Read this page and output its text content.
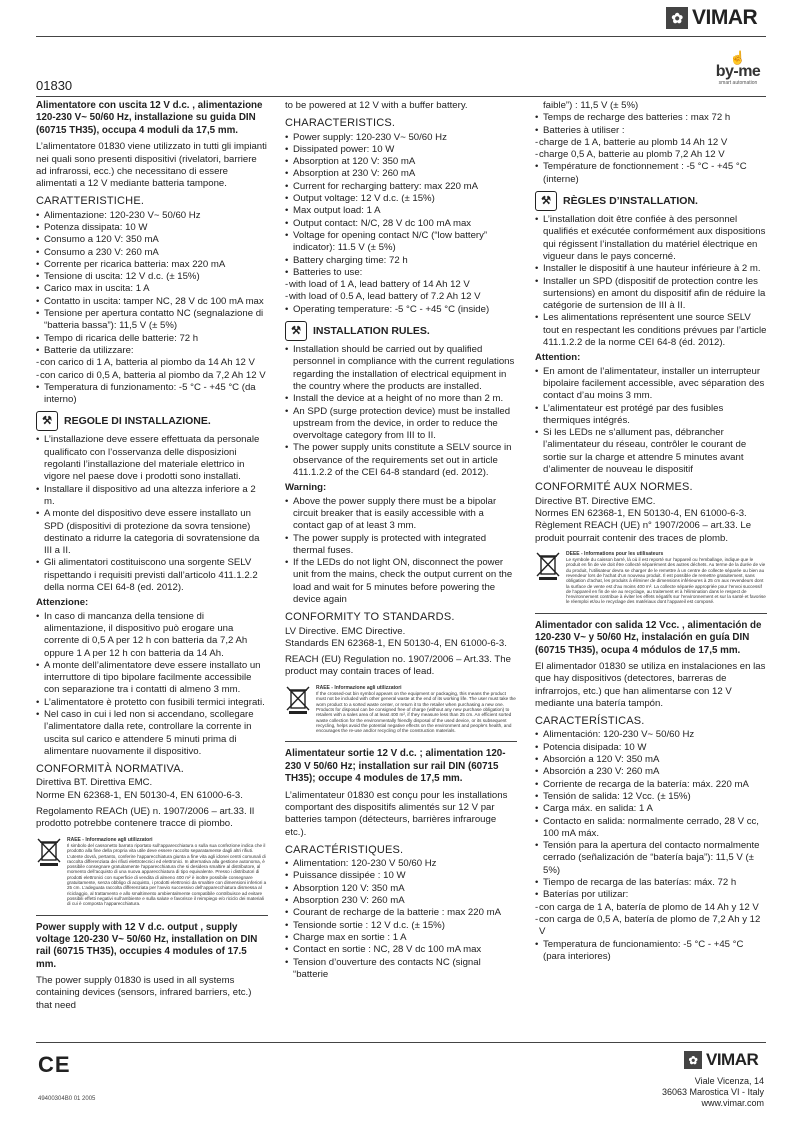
✿ VIMAR
☝
by-me
smart automation
01830

Alimentatore con uscita 12 V d.c. , alimentazione 120-230 V~ 50/60 Hz, installazione su guida DIN (60715 TH35), occupa 4 moduli da 17,5 mm.

L’alimentatore 01830 viene utilizzato in tutti gli impianti nei quali sono presenti dispositivi (rivelatori, barriere ad infrarossi, ecc.) che necessitano di essere alimentati a 12 V mediante batteria tampone.

CARATTERISTICHE.
• Alimentazione: 120-230 V~ 50/60 Hz
• Potenza dissipata: 10 W
• Consumo a 120 V: 350 mA
• Consumo a 230 V: 260 mA
• Corrente per ricarica batteria: max 220 mA
• Tensione di uscita: 12 V d.c. (± 15%)
• Carico max in uscita: 1 A
• Contatto in uscita: tamper NC, 28 V dc 100 mA max
• Tensione per apertura contatto NC (segnalazione di “batteria bassa”): 11,5 V (± 5%)
• Tempo di ricarica delle batterie: 72 h
• Batterie da utilizzare:
- con carico di 1 A, batteria al piombo da 14 Ah 12 V
- con carico di 0,5 A, batteria al piombo da 7,2 Ah 12 V
• Temperatura di funzionamento: -5 °C - +45 °C (da interno)
⚒	REGOLE DI INSTALLAZIONE.
• L’installazione deve essere effettuata da personale qualificato con l’osservanza delle disposizioni regolanti l’installazione del materiale elettrico in vigore nel paese dove i prodotti sono installati.
• Installare il dispositivo ad una altezza inferiore a 2 m.
• A monte del dispositivo deve essere installato un SPD (dispositivi di protezione da sovra tensione) destinato a ridurre la categoria di sovratensione da III a II.
• Gli alimentatori costituiscono una sorgente SELV rispettando i requisiti previsti dall’articolo 411.1.2.2 della norma CEI 64-8 (ed. 2012).
Attenzione:
• In caso di mancanza della tensione di alimentazione, il dispositivo può erogare una corrente di 0,5 A per 12 h con batteria da 7,2 Ah oppure 1 A per 12 h con batteria da 14 Ah.
• A monte dell’alimentatore deve essere installato un interruttore di tipo bipolare facilmente accessibile con separazione tra i contatti di almeno 3 mm.
• L’alimentatore è protetto con fusibili termici integrati.
• Nel caso in cui i led non si accendano, scollegare l’alimentatore dalla rete, controllare la corrente in uscita sul carico e attendere 5 minuti prima di alimentare nuovamente il dispositivo.
CONFORMITÀ NORMATIVA.

Direttiva BT. Direttiva EMC.

Norme EN 62368-1, EN 50130-4, EN 61000-6-3.

Regolamento REACh (UE) n. 1907/2006 – art.33. Il prodotto potrebbe contenere tracce di piombo.

RAEE - Informazione agli utilizzatori
Il simbolo del cassonetto barrato riportato sull’apparecchiatura o sulla sua confezione indica che il prodotto alla fine della propria vita utile deve essere raccolto separatamente dagli altri rifiuti. L’utente dovrà, pertanto, conferire l’apparecchiatura giunta a fine vita agli idonei centri comunali di raccolta differenziata dei rifiuti elettrotecnici ed elettronici. In alternativa alla gestione autonoma, è possibile consegnare gratuitamente l’apparecchiatura che si desidera smaltire al distributore, al momento dell’acquisto di una nuova apparecchiatura di tipo equivalente. Presso i distributori di prodotti elettronici con superficie di vendita di almeno 400 m² è inoltre possibile consegnare gratuitamente, senza obbligo di acquisto, i prodotti elettronici da smaltire con dimensioni inferiori a 25 cm. L’adeguata raccolta differenziata per l’avvio successivo dell’apparecchiatura dismessa al riciclaggio, al trattamento e allo smaltimento ambientalmente compatibile contribuisce ad evitare possibili effetti negativi sull’ambiente e sulla salute e favorisce il reimpiego e/o riciclo dei materiali di cui è composta l’apparecchiatura.

Power supply with 12 V d.c. output , supply voltage 120-230 V~ 50/60 Hz, installation on DIN rail (60715 TH35), occupies 4 modules of 17.5 mm.

The power supply 01830 is used in all systems containing devices (sensors, infrared barriers, etc.) that need

to be powered at 12 V with a buffer battery.

CHARACTERISTICS.
• Power supply: 120-230 V~ 50/60 Hz
• Dissipated power: 10 W
• Absorption at 120 V: 350 mA
• Absorption at 230 V: 260 mA
• Current for recharging battery: max 220 mA
• Output voltage: 12 V d.c. (± 15%)
• Max output load: 1 A
• Output contact: N/C, 28 V dc 100 mA max
• Voltage for opening contact N/C (“low battery” indicator): 11.5 V (± 5%)
• Battery charging time: 72 h
• Batteries to use:
- with load of 1 A, lead battery of 14 Ah 12 V
- with load of 0.5 A, lead battery of 7.2 Ah 12 V
• Operating temperature: -5 °C - +45 °C (inside)
⚒	INSTALLATION RULES.
• Installation should be carried out by qualified personnel in compliance with the current regulations regarding the installation of electrical equipment in the country where the products are installed.
• Install the device at a height of no more than 2 m.
• An SPD (surge protection device) must be installed upstream from the device, in order to reduce the overvoltage category from III to II.
• The power supply units constitute a SELV source in observance of the requirements set out in article 411.1.2.2 of the CEI 64-8 standard (ed. 2012).
Warning:
• Above the power supply there must be a bipolar circuit breaker that is easily accessible with a contact gap of at least 3 mm.
• The power supply is protected with integrated thermal fuses.
• If the LEDs do not light ON, disconnect the power unit from the mains, check the output current on the load and wait for 5 minutes before powering the device again
CONFORMITY TO STANDARDS.

LV Directive. EMC Directive.

Standards EN 62368-1, EN 50130-4, EN 61000-6-3.

REACH (EU) Regulation no. 1907/2006 – Art.33. The product may contain traces of lead.

RAEE - Informazione agli utilizzatori
If the crossed-out bin symbol appears on the equipment or packaging, this means the product must not be included with other general waste at the end of its working life. The user must take the worn product to a sorted waste center, or return it to the retailer when purchasing a new one. Products for disposal can be consigned free of charge (without any new purchase obligation) to retailers with a sales area of at least 400 m², if they measure less than 25 cm. An efficient sorted waste collection for the environmentally friendly disposal of the used device, or its subsequent recycling, helps avoid the potential negative effects on the environment and people’s health, and encourages the re-use and/or recycling of the construction materials.

Alimentateur sortie 12 V d.c. ; alimentation 120-230 V 50/60 Hz; installation sur rail DIN (60715 TH35); occupe 4 modules de 17,5 mm.

L’alimentateur 01830 est conçu pour les installations comportant des dispositifs alimentés sur 12 V par batteries tampon (détecteurs, barrières infrarouge etc.).

CARACTÉRISTIQUES.
• Alimentation: 120-230 V 50/60 Hz
• Puissance dissipée : 10 W
• Absorption 120 V: 350 mA
• Absorption 230 V: 260 mA
• Courant de recharge de la batterie : max 220 mA
• Tensionde sortie : 12 V d.c. (± 15%)
• Charge max en sortie : 1 A
• Contact en sortie : NC, 28 V dc 100 mA max
• Tension d’ouverture des contacts NC (signal “batterie

faible”) : 11,5 V (± 5%)

• Temps de recharge des batteries : max 72 h
• Batteries à utiliser :
- charge de 1 A, batterie au plomb 14 Ah 12 V
- charge 0,5 A, batterie au plomb 7,2 Ah 12 V
• Température de fonctionnement : -5 °C - +45 °C (interne)
⚒	RÈGLES D’INSTALLATION.
• L’installation doit être confiée à des personnel qualifiés et exécutée conformément aux dispositions qui régissent l’installation du matériel électrique en vigueur dans le pays concerné.
• Installer le dispositif à une hauteur inférieure à 2 m.
• Installer un SPD (dispositif de protection contre les surtensions) en amont du dispositif afin de réduire la catégorie de surtension de III à II.
• Les alimentations représentent une source SELV tout en respectant les conditions prévues par l’article 411.1.2.2 de la norme CEI 64-8 (éd. 2012).
Attention:
• En amont de l’alimentateur, installer un interrupteur bipolaire facilement accessible, avec séparation des contact d’au moins 3 mm.
• L’alimentateur est protégé par des fusibles thermiques intégrés.
• Si les LEDs ne s’allument pas, débrancher l’alimentateur du réseau, contrôler le courant de sortie sur la charge et attendre 5 minutes avant d’alimenter de nouveau le dispositif
CONFORMITÉ AUX NORMES.

Directive BT. Directive EMC.

Normes EN 62368-1, EN 50130-4, EN 61000-6-3.

Règlement REACH (UE) n° 1907/2006 – art.33. Le produit pourrait contenir des traces de plomb.

DEEE - Informations pour les utilisateurs
Le symbole du caisson barré, là où il est reporté sur l’appareil ou l’emballage, indique que le produit en fin de vie doit être collecté séparément des autres déchets. Au terme de la durée de vie du produit, l’utilisateur devra se charger de le remettre à un centre de collecte séparée ou bien au revendeur lors de l’achat d’un nouveau produit. Il est possible de remettre gratuitement, sans obligation d’achat, les produits à éliminer de dimensions inférieures à 25 cm aux revendeurs dont la surface de vente est d’au moins 400 m². La collecte séparée appropriée pour l’envoi successif de l’appareil en fin de vie au recyclage, au traitement et à l’élimination dans le respect de l’environnement contribue à éviter les effets négatifs sur l’environnement et sur la santé et favorise le réemploi et/ou le recyclage des matériaux dont l’appareil est composé.

Alimentador con salida 12 Vcc. , alimentación de 120-230 V~ y 50/60 Hz, instalación en guía DIN (60715 TH35), ocupa 4 módulos de 17,5 mm.

El alimentador 01830 se utiliza en instalaciones en las que hay dispositivos (detectores, barreras de infrarrojos, etc.) que han alimentarse con 12 V mediante una batería tampón.

CARACTERÍSTICAS.
• Alimentación: 120-230 V~ 50/60 Hz
• Potencia disipada: 10 W
• Absorción a 120 V: 350 mA
• Absorción a 230 V: 260 mA
• Corriente de recarga de la batería: máx. 220 mA
• Tensión de salida: 12 Vcc. (± 15%)
• Carga máx. en salida: 1 A
• Contacto en salida: normalmente cerrado, 28 V cc, 100 mA máx.
• Tensión para la apertura del contacto normalmente cerrado (señalización de “batería baja”): 11,5 V (± 5%)
• Tiempo de recarga de las baterías: máx. 72 h
• Baterías por utilizar:
- con carga de 1 A, batería de plomo de 14 Ah y 12 V
- con carga de 0,5 A, batería de plomo de 7,2 Ah y 12 V
• Temperatura de funcionamiento: -5 °C - +45 °C (para interiores)
CE	✿ VIMAR
Viale Vicenza, 14
36063 Marostica VI - Italy
www.vimar.com
49400304B0 01 2005
